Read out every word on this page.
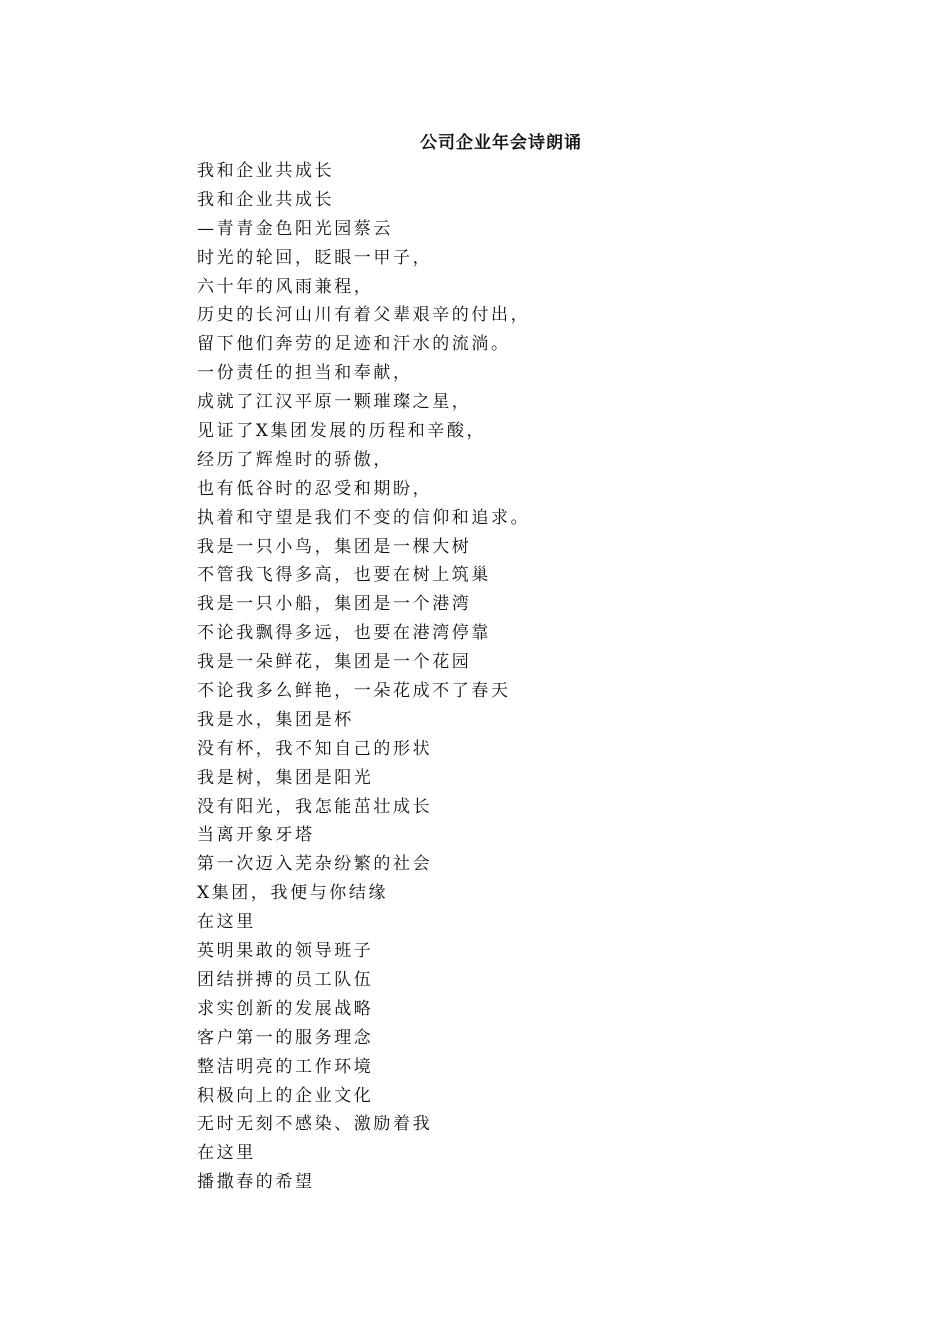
公司企业年会诗朗诵
我和企业共成长
我和企业共成长
—青青金色阳光园蔡云
时光的轮回，眨眼一甲子，
六十年的风雨兼程，
历史的长河山川有着父辈艰辛的付出，
留下他们奔劳的足迹和汗水的流淌。
一份责任的担当和奉献，
成就了江汉平原一颗璀璨之星，
见证了X集团发展的历程和辛酸，
经历了辉煌时的骄傲，
也有低谷时的忍受和期盼，
执着和守望是我们不变的信仰和追求。
我是一只小鸟，集团是一棵大树
不管我飞得多高，也要在树上筑巢
我是一只小船，集团是一个港湾
不论我飘得多远，也要在港湾停靠
我是一朵鲜花，集团是一个花园
不论我多么鲜艳，一朵花成不了春天
我是水，集团是杯
没有杯，我不知自己的形状
我是树，集团是阳光
没有阳光，我怎能茁壮成长
当离开象牙塔
第一次迈入芜杂纷繁的社会
X集团，我便与你结缘
在这里
英明果敢的领导班子
团结拼搏的员工队伍
求实创新的发展战略
客户第一的服务理念
整洁明亮的工作环境
积极向上的企业文化
无时无刻不感染、激励着我
在这里
播撒春的希望
